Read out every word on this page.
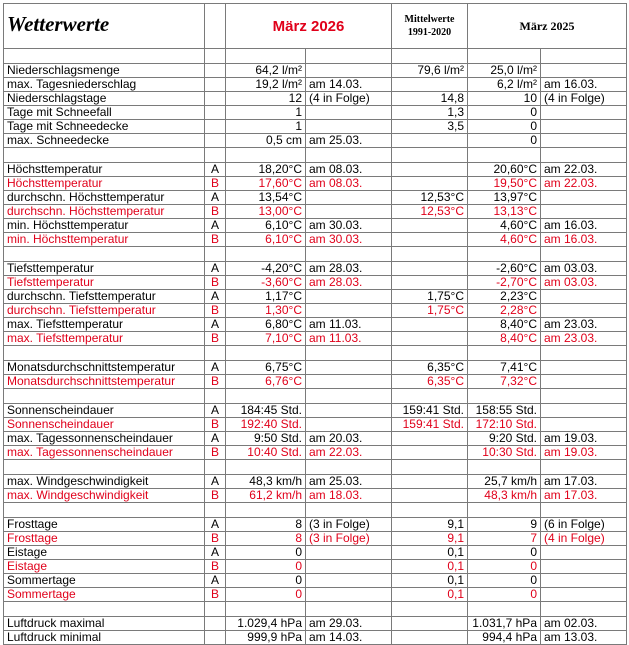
Wetterwerte		März 2026		Mittelwerte
1991-2020	März 2025	

Niederschlagsmenge		64,2 l/m²		79,6 l/m²	25,0 l/m²	
max. Tagesniederschlag		19,2 l/m²	am 14.03.		6,2 l/m²	am 16.03.
Niederschlagstage		12	(4 in Folge)	14,8	10	(4 in Folge)
Tage mit Schneefall		1		1,3	0	
Tage mit Schneedecke		1		3,5	0	
max. Schneedecke		0,5 cm	am 25.03.		0	

Höchsttemperatur	A	18,20°C	am 08.03.		20,60°C	am 22.03.
Höchsttemperatur	B	17,60°C	am 08.03.		19,50°C	am 22.03.
durchschn. Höchsttemperatur	A	13,54°C		12,53°C	13,97°C	
durchschn. Höchsttemperatur	B	13,00°C		12,53°C	13,13°C	
min. Höchsttemperatur	A	6,10°C	am 30.03.		4,60°C	am 16.03.
min. Höchsttemperatur	B	6,10°C	am 30.03.		4,60°C	am 16.03.

Tiefsttemperatur	A	-4,20°C	am 28.03.		-2,60°C	am 03.03.
Tiefsttemperatur	B	-3,60°C	am 28.03.		-2,70°C	am 03.03.
durchschn. Tiefsttemperatur	A	1,17°C		1,75°C	2,23°C	
durchschn. Tiefsttemperatur	B	1,30°C		1,75°C	2,28°C	
max. Tiefsttemperatur	A	6,80°C	am 11.03.		8,40°C	am 23.03.
max. Tiefsttemperatur	B	7,10°C	am 11.03.		8,40°C	am 23.03.

Monatsdurchschnittstemperatur	A	6,75°C		6,35°C	7,41°C	
Monatsdurchschnittstemperatur	B	6,76°C		6,35°C	7,32°C	

Sonnenscheindauer	A	184:45 Std.		159:41 Std.	158:55 Std.	
Sonnenscheindauer	B	192:40 Std.		159:41 Std.	172:10 Std.	
max. Tagessonnenscheindauer	A	9:50 Std.	am 20.03.		9:20 Std.	am 19.03.
max. Tagessonnenscheindauer	B	10:40 Std.	am 22.03.		10:30 Std.	am 19.03.

max. Windgeschwindigkeit	A	48,3 km/h	am 25.03.		25,7 km/h	am 17.03.
max. Windgeschwindigkeit	B	61,2 km/h	am 18.03.		48,3 km/h	am 17.03.

Frosttage	A	8	(3 in Folge)	9,1	9	(6 in Folge)
Frosttage	B	8	(3 in Folge)	9,1	7	(4 in Folge)
Eistage	A	0		0,1	0	
Eistage	B	0		0,1	0	
Sommertage	A	0		0,1	0	
Sommertage	B	0		0,1	0	

Luftdruck maximal		1.029,4 hPa	am 29.03.		1.031,7 hPa	am 02.03.
Luftdruck minimal		999,9 hPa	am 14.03.		994,4 hPa	am 13.03.
